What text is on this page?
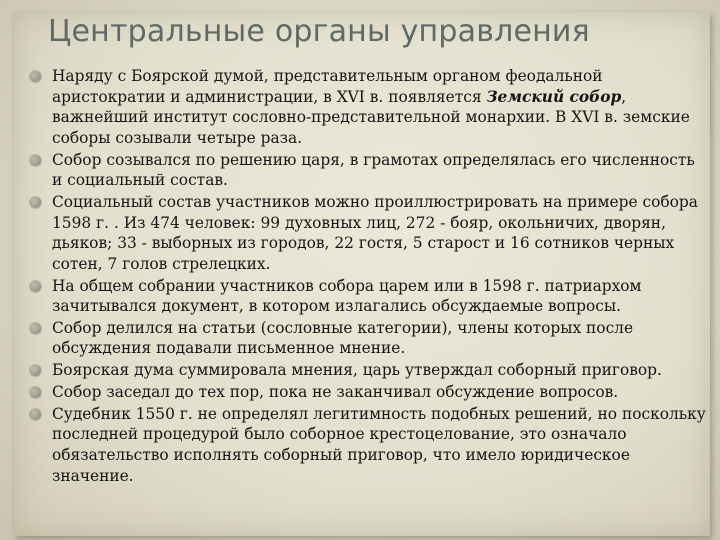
Центральные органы управления
Наряду с Боярской думой, представительным органом феодальной аристократии и администрации, в XVI в. появляется Земский собор, важнейший институт сословно-представительной монархии. В XVI в. земские соборы созывали четыре раза.
Собор созывался по решению царя, в грамотах определялась его численность и социальный состав.
Социальный состав участников можно проиллюстрировать на примере собора 1598 г. . Из 474 человек: 99 духовных лиц, 272 - бояр, окольничих, дворян, дьяков; 33 - выборных из городов, 22 гостя, 5 старост и 16 сотников черных сотен, 7 голов стрелецких.
На общем собрании участников собора царем или в 1598 г. патриархом зачитывался документ, в котором излагались обсуждаемые вопросы.
Собор делился на статьи (сословные категории), члены которых после обсуждения подавали письменное мнение.
Боярская дума суммировала мнения, царь утверждал соборный приговор.
Собор заседал до тех пор, пока не заканчивал обсуждение вопросов.
Судебник 1550 г. не определял легитимность подобных решений, но поскольку последней процедурой было соборное крестоцелование, это означало обязательство исполнять соборный приговор, что имело юридическое значение.
